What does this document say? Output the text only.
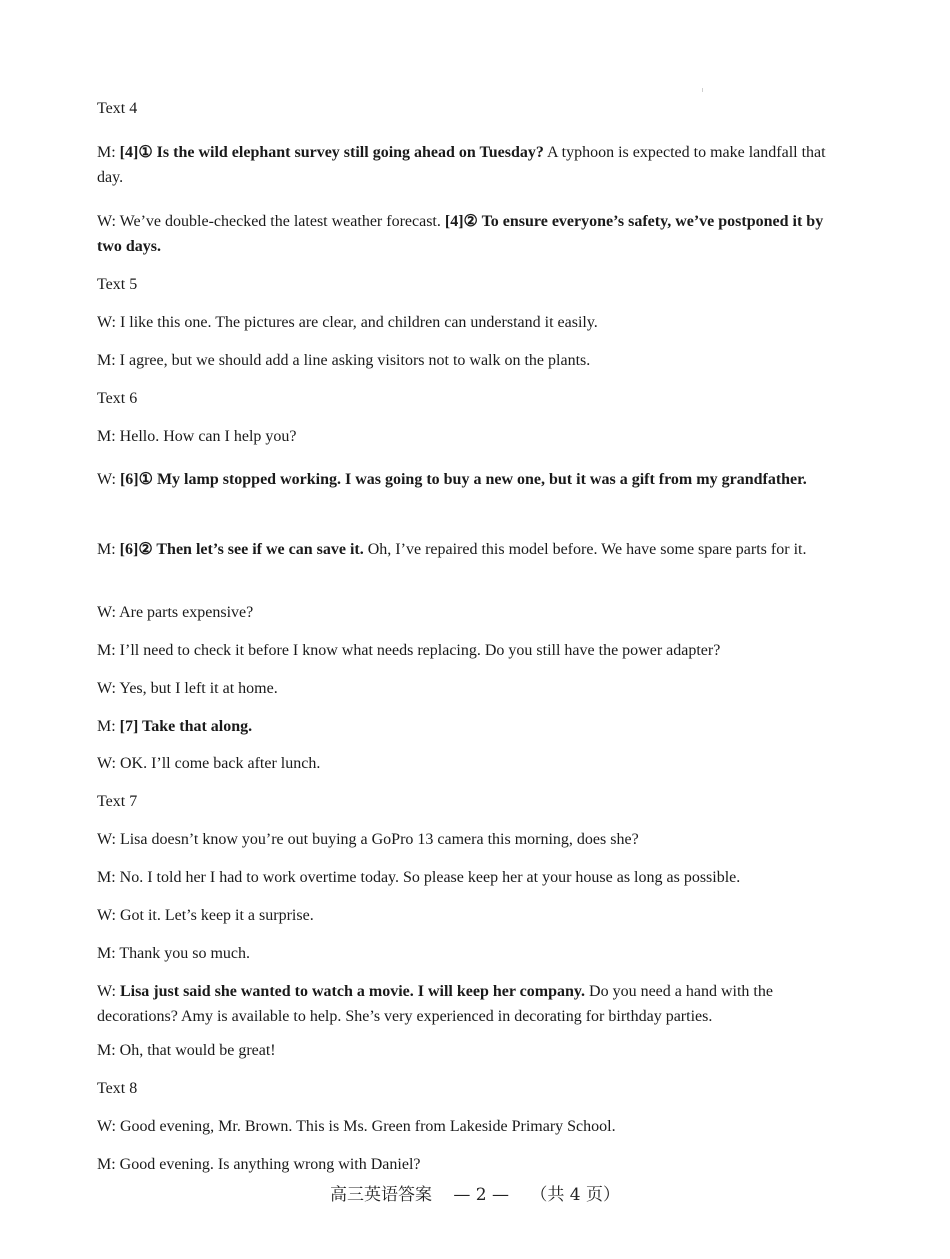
Text 4

M: [4]① Is the wild elephant survey still going ahead on Tuesday? A typhoon is expected to make landfall that day.

W: We’ve double-checked the latest weather forecast. [4]② To ensure everyone’s safety, we’ve postponed it by two days.

Text 5

W: I like this one. The pictures are clear, and children can understand it easily.

M: I agree, but we should add a line asking visitors not to walk on the plants.

Text 6

M: Hello. How can I help you?

W: [6]① My lamp stopped working. I was going to buy a new one, but it was a gift from my grandfather.

M: [6]② Then let’s see if we can save it. Oh, I’ve repaired this model before. We have some spare parts for it.

W: Are parts expensive?

M: I’ll need to check it before I know what needs replacing. Do you still have the power adapter?

W: Yes, but I left it at home.

M: [7] Take that along.

W: OK. I’ll come back after lunch.

Text 7

W: Lisa doesn’t know you’re out buying a GoPro 13 camera this morning, does she?

M: No. I told her I had to work overtime today. So please keep her at your house as long as possible.

W: Got it. Let’s keep it a surprise.

M: Thank you so much.

W: Lisa just said she wanted to watch a movie. I will keep her company. Do you need a hand with the decorations? Amy is available to help. She’s very experienced in decorating for birthday parties.

M: Oh, that would be great!

Text 8

W: Good evening, Mr. Brown. This is Ms. Green from Lakeside Primary School.

M: Good evening. Is anything wrong with Daniel?

高三英语答案 — 2 — （共 4 页）
